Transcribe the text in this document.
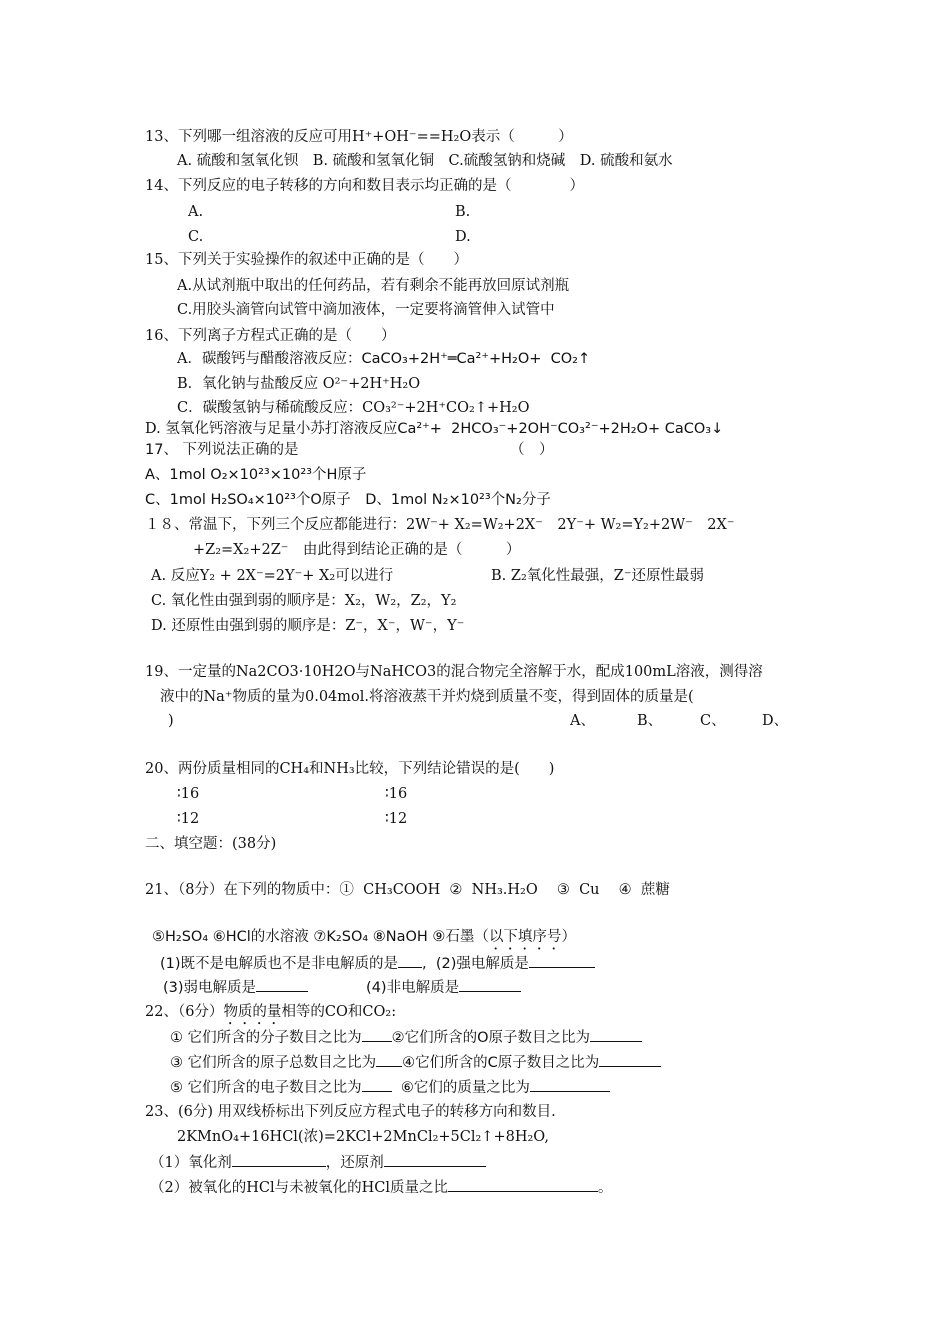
13、下列哪一组溶液的反应可用H⁺+OH⁻==H₂O表示（　　　）
A. 硫酸和氢氧化钡　B. 硫酸和氢氧化铜　C.硫酸氢钠和烧碱　D. 硫酸和氨水
14、下列反应的电子转移的方向和数目表示均正确的是（　　　　）
A.	B.
C.	D.
15、下列关于实验操作的叙述中正确的是（　　）
A.从试剂瓶中取出的任何药品，若有剩余不能再放回原试剂瓶
C.用胶头滴管向试管中滴加液体，一定要将滴管伸入试管中
16、下列离子方程式正确的是（　　）
A．碳酸钙与醋酸溶液反应：CaCO₃+2H⁺═Ca²⁺+H₂O+  CO₂↑
B．氧化钠与盐酸反应 O²⁻+2H⁺H₂O
C．碳酸氢钠与稀硫酸反应：CO₃²⁻+2H⁺CO₂↑+H₂O
D. 氢氧化钙溶液与足量小苏打溶液反应Ca²⁺+  2HCO₃⁻+2OH⁻CO₃²⁻+2H₂O+ CaCO₃↓
17、 下列说法正确的是	（　）
A、1mol O₂×10²³×10²³个H原子
C、1mol H₂SO₄×10²³个O原子　D、1mol N₂×10²³个N₂分子
１８、常温下，下列三个反应都能进行：2W⁻+ X₂=W₂+2X⁻　2Y⁻+ W₂=Y₂+2W⁻　2X⁻
+Z₂=X₂+2Z⁻　由此得到结论正确的是（　　　）
A. 反应Y₂ + 2X⁻=2Y⁻+ X₂可以进行	B. Z₂氧化性最强，Z⁻还原性最弱
C. 氧化性由强到弱的顺序是：X₂，W₂，Z₂，Y₂
D. 还原性由强到弱的顺序是：Z⁻，X⁻，W⁻，Y⁻
19、一定量的Na2CO3·10H2O与NaHCO3的混合物完全溶解于水，配成100mL溶液，测得溶
液中的Na⁺物质的量为0.04mol.将溶液蒸干并灼烧到质量不变，得到固体的质量是(
)	A、	B、	C、	D、
20、两份质量相同的CH₄和NH₃比较，下列结论错误的是(　　)
∶16	∶16
∶12	∶12
二、填空题：(38分)
21、（8分）在下列的物质中：①  CH₃COOH  ②  NH₃.H₂O　 ③  Cu　 ④  蔗糖
⑤H₂SO₄ ⑥HCl的水溶液 ⑦K₂SO₄ ⑧NaOH ⑨石墨（以下填序号）
(1)既不是电解质也不是非电解质的是 ,  (2)强电解质是
(3)弱电解质是	(4)非电解质是
22、（6分）物质的量相等的CO和CO₂:
① 它们所含的分子数目之比为 ②它们所含的O原子数目之比为
③ 它们所含的原子总数目之比为 ④它们所含的C原子数目之比为
⑤ 它们所含的电子数目之比为	⑥它们的质量之比为
23、(6分) 用双线桥标出下列反应方程式电子的转移方向和数目.
2KMnO₄+16HCl(浓)=2KCl+2MnCl₂+5Cl₂↑+8H₂O,
（1）氧化剂	，还原剂
（2）被氧化的HCl与未被氧化的HCl质量之比	。
